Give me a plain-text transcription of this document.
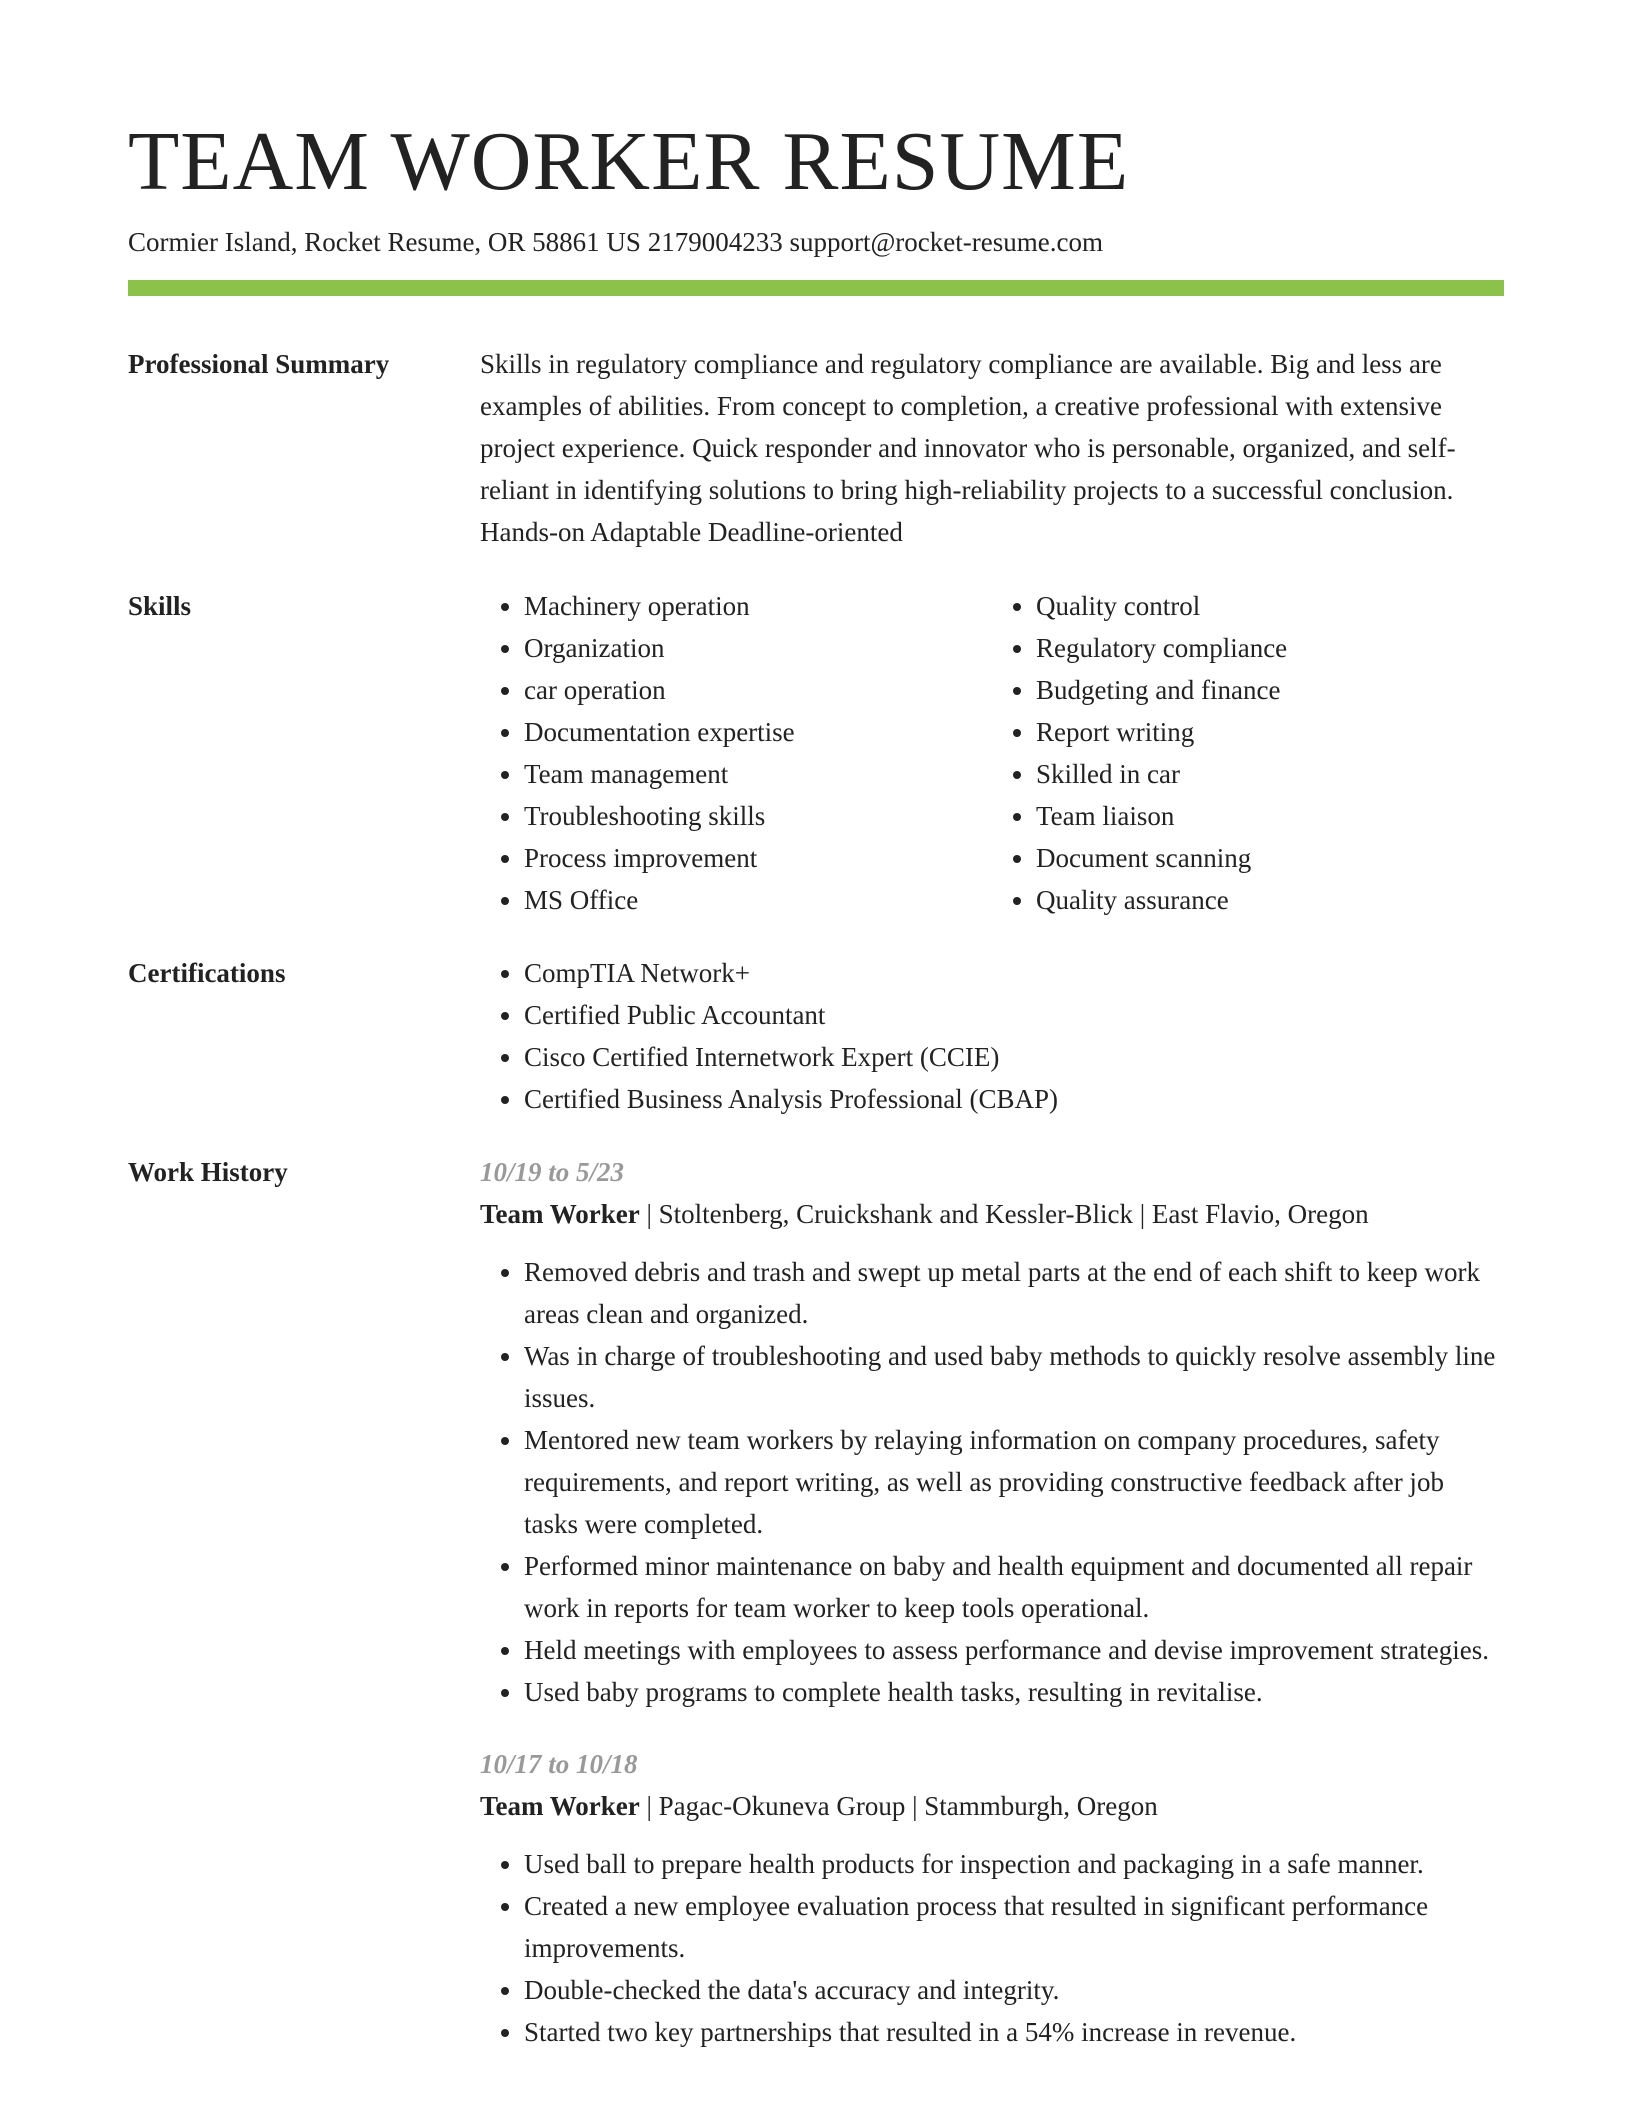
TEAM WORKER RESUME
Cormier Island, Rocket Resume, OR 58861 US 2179004233 support@rocket-resume.com
Professional Summary	Skills in regulatory compliance and regulatory compliance are available. Big and less are examples of abilities. From concept to completion, a creative professional with extensive project experience. Quick responder and innovator who is personable, organized, and self-reliant in identifying solutions to bring high-reliability projects to a successful conclusion. Hands-on Adaptable Deadline-oriented

Skills	• Machinery operation
• Organization
• car operation
• Documentation expertise
• Team management
• Troubleshooting skills
• Process improvement
• MS Office
• Quality control
• Regulatory compliance
• Budgeting and finance
• Report writing
• Skilled in car
• Team liaison
• Document scanning
• Quality assurance
Certifications	• CompTIA Network+
• Certified Public Accountant
• Cisco Certified Internetwork Expert (CCIE)
• Certified Business Analysis Professional (CBAP)
Work History	10/19 to 5/23
Team Worker | Stoltenberg, Cruickshank and Kessler-Blick | East Flavio, Oregon
• Removed debris and trash and swept up metal parts at the end of each shift to keep work areas clean and organized.
• Was in charge of troubleshooting and used baby methods to quickly resolve assembly line issues.
• Mentored new team workers by relaying information on company procedures, safety requirements, and report writing, as well as providing constructive feedback after job tasks were completed.
• Performed minor maintenance on baby and health equipment and documented all repair work in reports for team worker to keep tools operational.
• Held meetings with employees to assess performance and devise improvement strategies.
• Used baby programs to complete health tasks, resulting in revitalise.
10/17 to 10/18
Team Worker | Pagac-Okuneva Group | Stammburgh, Oregon
• Used ball to prepare health products for inspection and packaging in a safe manner.
• Created a new employee evaluation process that resulted in significant performance improvements.
• Double-checked the data's accuracy and integrity.
• Started two key partnerships that resulted in a 54% increase in revenue.
